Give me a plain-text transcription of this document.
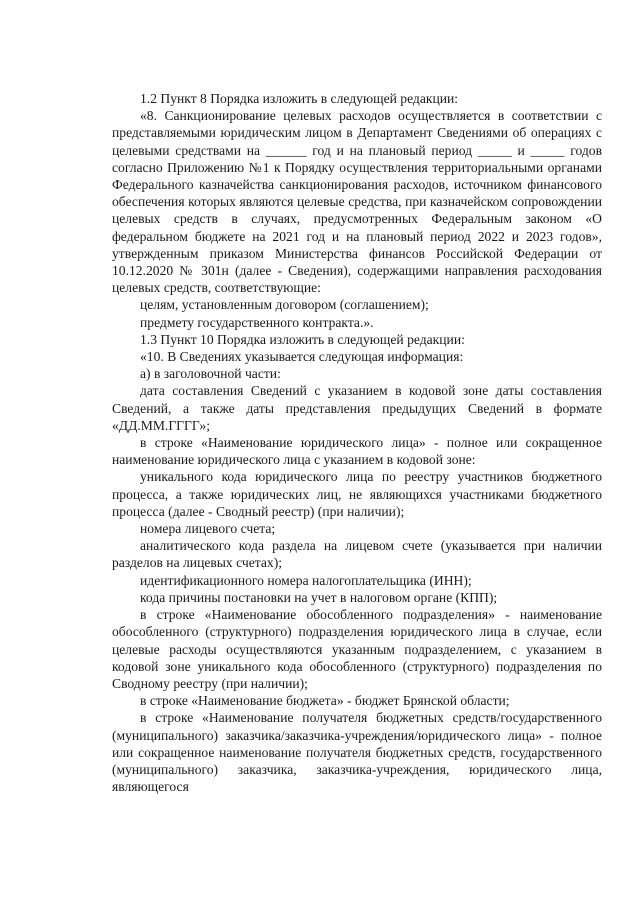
1.2 Пункт 8 Порядка изложить в следующей редакции:

«8. Санкционирование целевых расходов осуществляется в соответствии с представляемыми юридическим лицом в Департамент Сведениями об операциях с целевыми средствами на ______ год и на плановый период _____ и _____ годов согласно Приложению №1 к Порядку осуществления территориальными органами Федерального казначейства санкционирования расходов, источником финансового обеспечения которых являются целевые средства, при казначейском сопровождении целевых средств в случаях, предусмотренных Федеральным законом «О федеральном бюджете на 2021 год и на плановый период 2022 и 2023 годов», утвержденным приказом Министерства финансов Российской Федерации от 10.12.2020 № 301н (далее - Сведения), содержащими направления расходования целевых средств, соответствующие:

целям, установленным договором (соглашением);

предмету государственного контракта.».

1.3 Пункт 10 Порядка изложить в следующей редакции:

«10. В Сведениях указывается следующая информация:

а) в заголовочной части:

дата составления Сведений с указанием в кодовой зоне даты составления Сведений, а также даты представления предыдущих Сведений в формате «ДД.ММ.ГГГГ»;

в строке «Наименование юридического лица» - полное или сокращенное наименование юридического лица с указанием в кодовой зоне:

уникального кода юридического лица по реестру участников бюджетного процесса, а также юридических лиц, не являющихся участниками бюджетного процесса (далее - Сводный реестр) (при наличии);

номера лицевого счета;

аналитического кода раздела на лицевом счете (указывается при наличии разделов на лицевых счетах);

идентификационного номера налогоплательщика (ИНН);

кода причины постановки на учет в налоговом органе (КПП);

в строке «Наименование обособленного подразделения» - наименование обособленного (структурного) подразделения юридического лица в случае, если целевые расходы осуществляются указанным подразделением, с указанием в кодовой зоне уникального кода обособленного (структурного) подразделения по Сводному реестру (при наличии);

в строке «Наименование бюджета» - бюджет Брянской области;

в строке «Наименование получателя бюджетных средств/государственного (муниципального) заказчика/заказчика-учреждения/юридического лица» - полное или сокращенное наименование получателя бюджетных средств, государственного (муниципального) заказчика, заказчика-учреждения, юридического лица, являющегося
